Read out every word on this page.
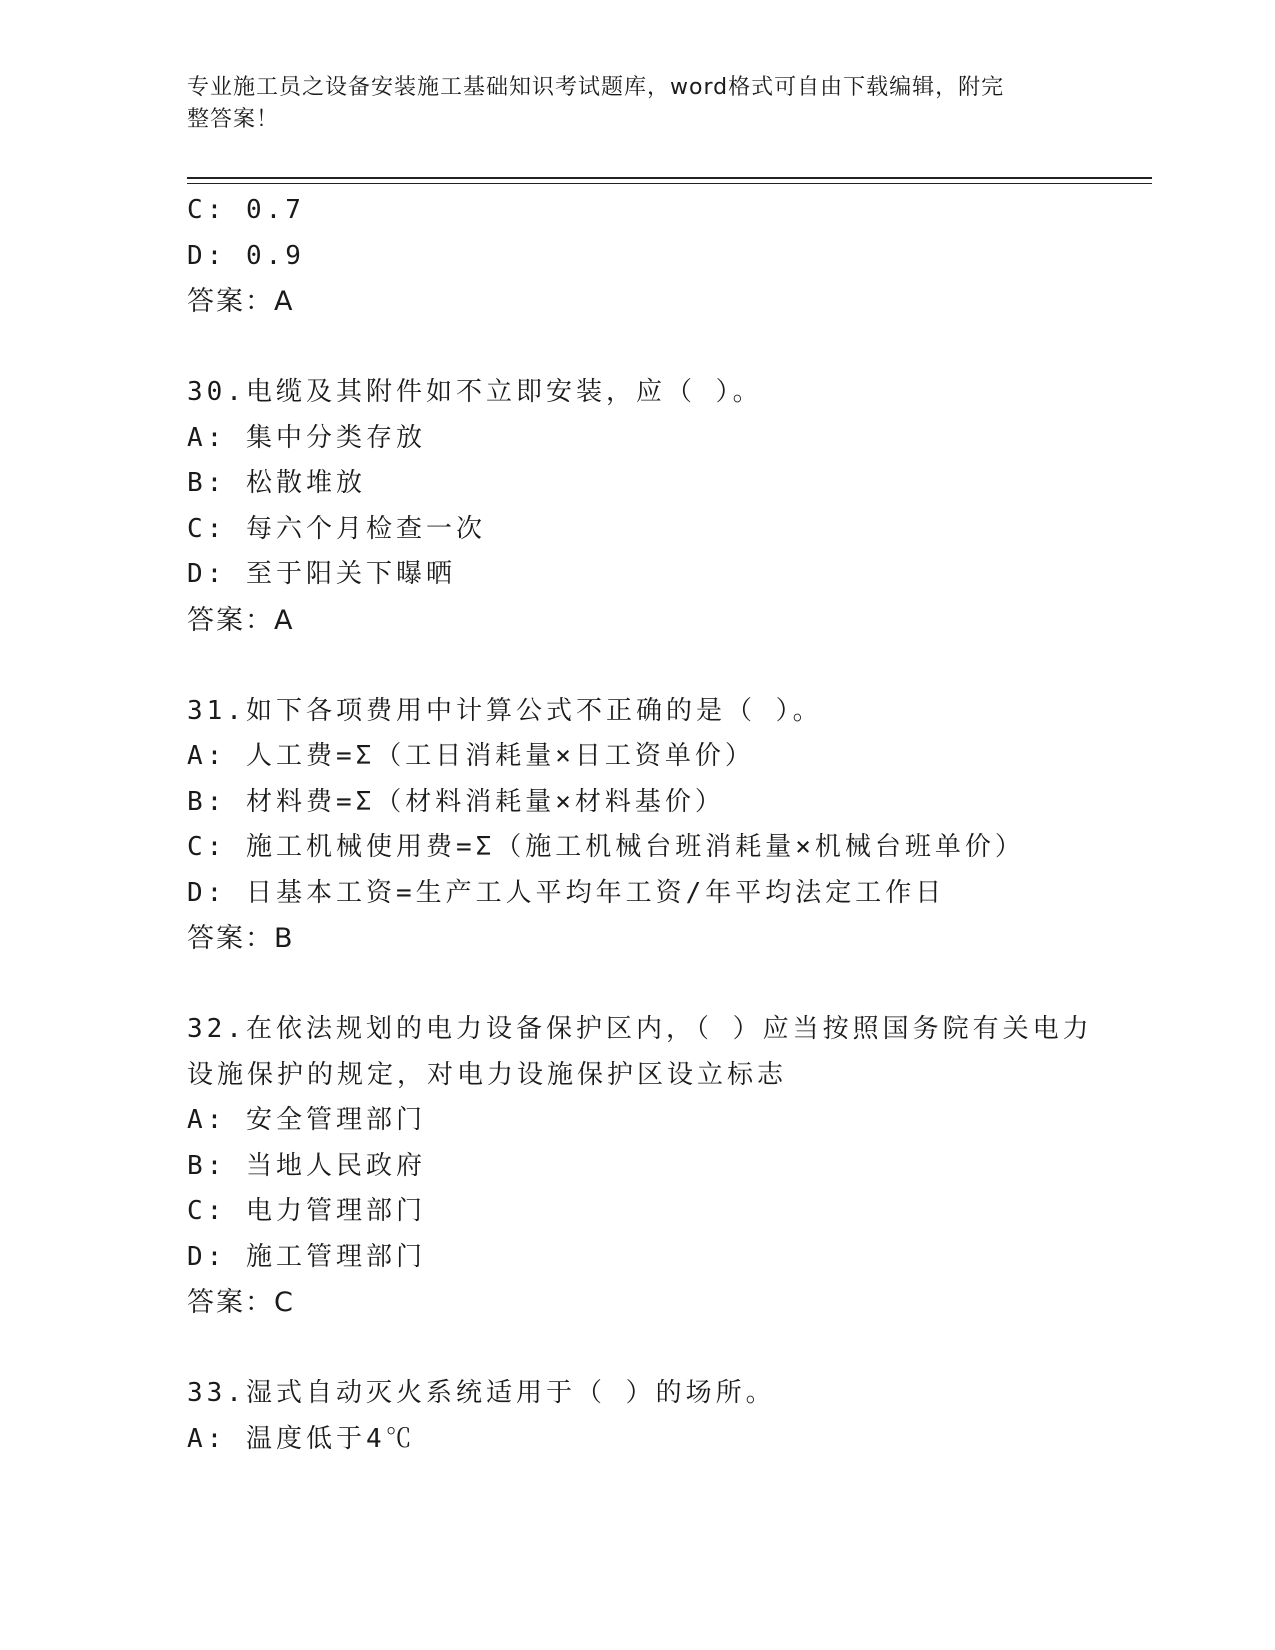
专业施工员之设备安装施工基础知识考试题库，word格式可自由下载编辑，附完
整答案！
C: 0.7
D: 0.9
答案：A
30.电缆及其附件如不立即安装，应（ ）。
A: 集中分类存放
B: 松散堆放
C: 每六个月检查一次
D: 至于阳关下曝晒
答案：A
31.如下各项费用中计算公式不正确的是（ ）。
A: 人工费=Σ（工日消耗量×日工资单价）
B: 材料费=Σ（材料消耗量×材料基价）
C: 施工机械使用费=Σ（施工机械台班消耗量×机械台班单价）
D: 日基本工资=生产工人平均年工资/年平均法定工作日
答案：B
32.在依法规划的电力设备保护区内，（ ）应当按照国务院有关电力
设施保护的规定，对电力设施保护区设立标志
A: 安全管理部门
B: 当地人民政府
C: 电力管理部门
D: 施工管理部门
答案：C
33.湿式自动灭火系统适用于（ ）的场所。
A: 温度低于4℃
